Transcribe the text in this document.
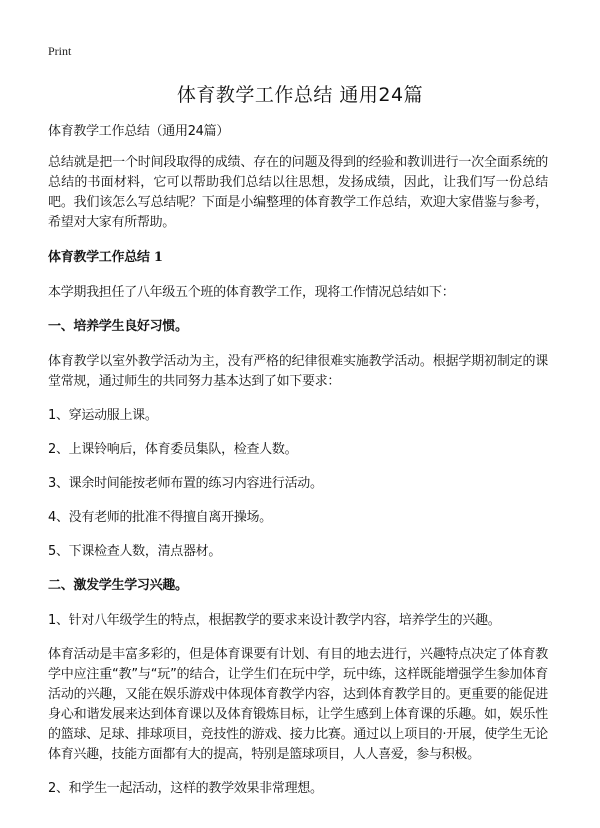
Print
体育教学工作总结 通用24篇

体育教学工作总结（通用24篇）

总结就是把一个时间段取得的成绩、存在的问题及得到的经验和教训进行一次全面系统的总结的书面材料，它可以帮助我们总结以往思想，发扬成绩，因此，让我们写一份总结吧。我们该怎么写总结呢？下面是小编整理的体育教学工作总结，欢迎大家借鉴与参考，希望对大家有所帮助。

体育教学工作总结 1

本学期我担任了八年级五个班的体育教学工作，现将工作情况总结如下：

一、培养学生良好习惯。

体育教学以室外教学活动为主，没有严格的纪律很难实施教学活动。根据学期初制定的课堂常规，通过师生的共同努力基本达到了如下要求：

1、穿运动服上课。

2、上课铃响后，体育委员集队，检查人数。

3、课余时间能按老师布置的练习内容进行活动。

4、没有老师的批准不得擅自离开操场。

5、下课检查人数，清点器材。

二、激发学生学习兴趣。

1、针对八年级学生的特点，根据教学的要求来设计教学内容，培养学生的兴趣。

体育活动是丰富多彩的，但是体育课要有计划、有目的地去进行，兴趣特点决定了体育教学中应注重“教”与“玩”的结合，让学生们在玩中学，玩中练，这样既能增强学生参加体育活动的兴趣，又能在娱乐游戏中体现体育教学内容，达到体育教学目的。更重要的能促进身心和谐发展来达到体育课以及体育锻炼目标，让学生感到上体育课的乐趣。如，娱乐性的篮球、足球、排球项目，竞技性的游戏、接力比赛。通过以上项目的·开展，使学生无论体育兴趣，技能方面都有大的提高，特别是篮球项目，人人喜爱，参与积极。

2、和学生一起活动，这样的教学效果非常理想。
